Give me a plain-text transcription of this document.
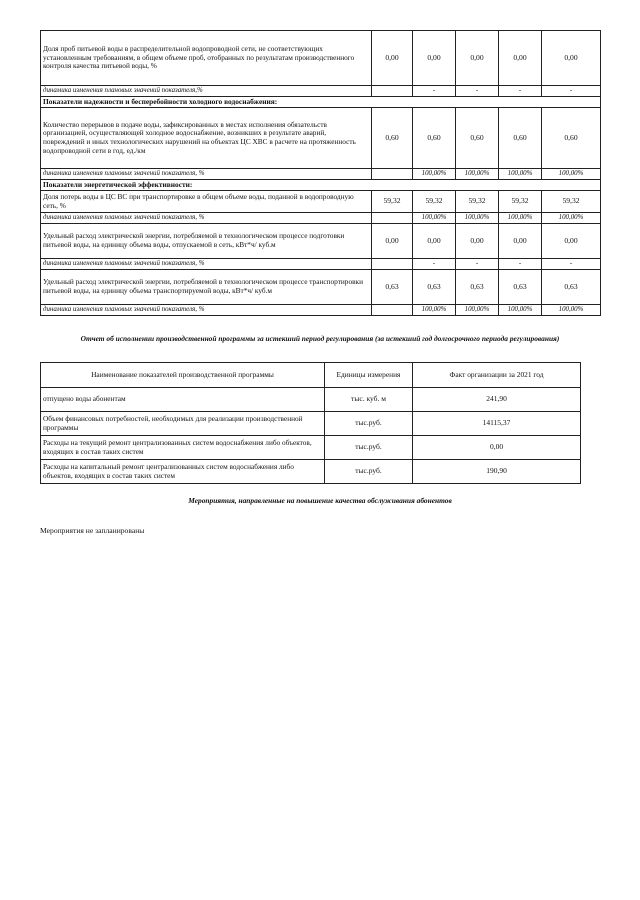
Доля проб питьевой воды в распределительной водопроводной сети, не соответствующих установленным требованиям, в общем объеме проб, отобранных по результатам производственного контроля качества питьевой воды, %	0,00	0,00	0,00	0,00	0,00
динамика изменения плановых значений показателя,%		-	-	-	-
Показатели надежности и бесперебойности холодного водоснабжения:					
Количество перерывов в подаче воды, зафиксированных в местах исполнения обязательств организацией, осуществляющей холодное водоснабжение, возникших в результате аварий, повреждений и иных технологических нарушений на объектах ЦС ХВС в расчете на протяженность водопроводной сети в год, ед./км	0,60	0,60	0,60	0,60	0,60
динамика изменения плановых значений показателя, %		100,00%	100,00%	100,00%	100,00%
Показатели энергетической эффективности:					
Доля потерь воды в ЦС ВС при транспортировке в общем объеме воды, поданной в водопроводную сеть, %	59,32	59,32	59,32	59,32	59,32
динамика изменения плановых значений показателя, %		100,00%	100,00%	100,00%	100,00%
Удельный расход электрической энергии, потребляемой в технологическом процессе подготовки питьевой воды, на единицу объема воды, отпускаемой в сеть, кВт*ч/ куб.м	0,00	0,00	0,00	0,00	0,00
динамика изменения плановых значений показателя, %		-	-	-	-
Удельный расход электрической энергии, потребляемой в технологическом процессе транспортировки питьевой воды, на единицу объема транспортируемой воды, кВт*ч/ куб.м	0,63	0,63	0,63	0,63	0,63
динамика изменения плановых значений показателя, %		100,00%	100,00%	100,00%	100,00%
Отчет об исполнении производственной программы за истекший период регулирования (за истекший год долгосрочного периода регулирования)
Наименование показателей производственной программы	Единицы измерения	Факт организации за 2021 год
отпущено воды абонентам	тыс. куб. м	241,90
Объем финансовых потребностей, необходимых для реализации производственной программы	тыс.руб.	14115,37
Расходы на текущий ремонт централизованных систем водоснабжения либо объектов, входящих в состав таких систем	тыс.руб.	0,00
Расходы на капитальный ремонт централизованных систем водоснабжения либо объектов, входящих в состав таких систем	тыс.руб.	190,90
Мероприятия, направленные на повышение качества обслуживания абонентов
Мероприятия не запланированы
